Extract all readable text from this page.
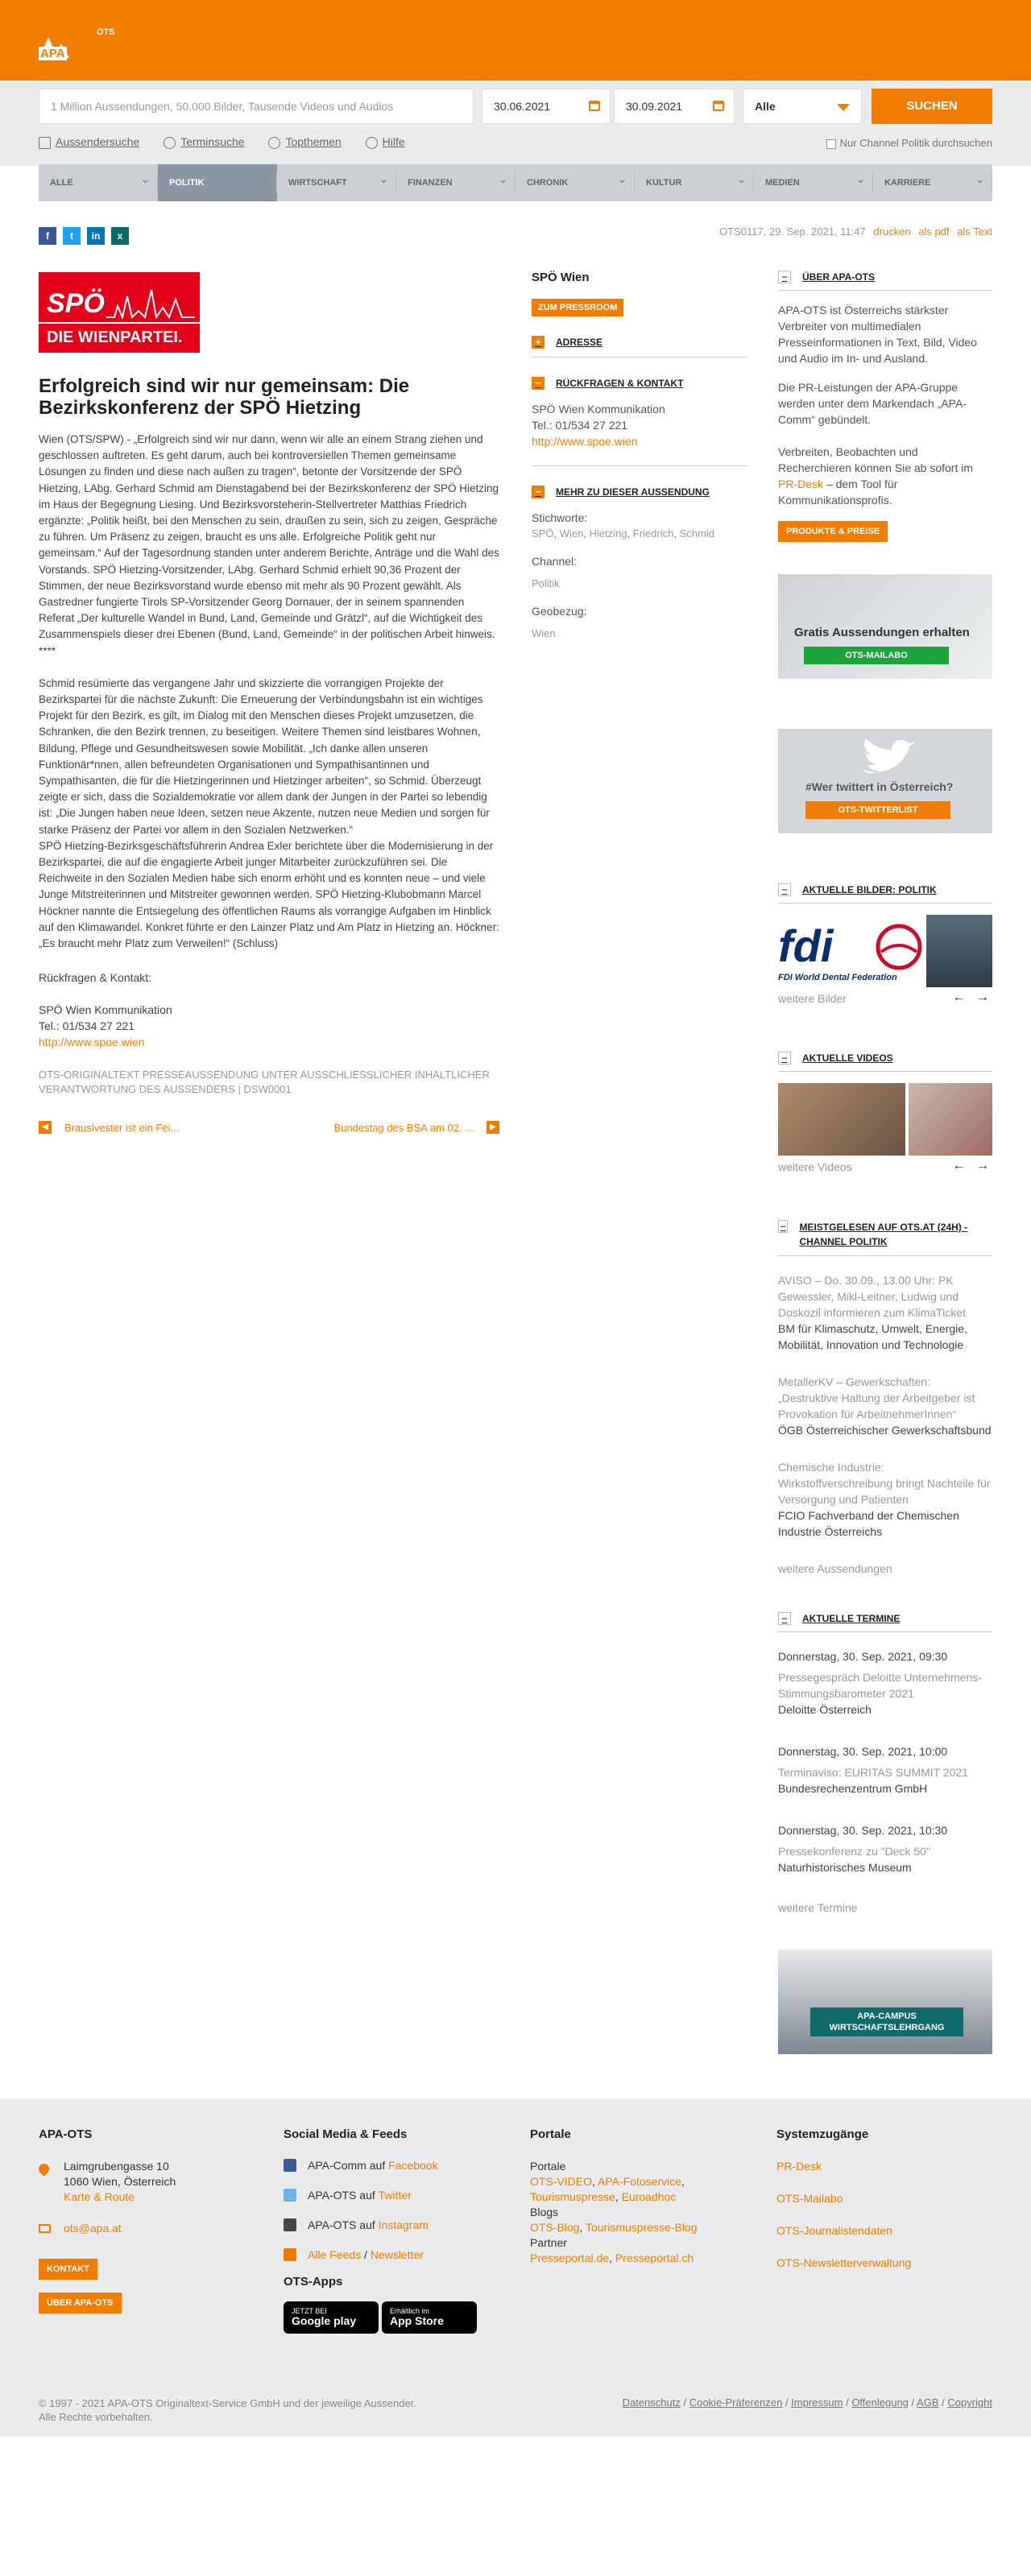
APA
OTS
1 Million Aussendungen, 50.000 Bilder, Tausende Videos und Audios	30.06.2021	30.09.2021	Alle	SUCHEN
Aussendersuche	Terminsuche	Topthemen	Hilfe	Nur Channel Politik durchsuchen
ALLE ⌄	POLITIK ⌄	WIRTSCHAFT ⌄	FINANZEN ⌄	CHRONIK ⌄	KULTUR ⌄	MEDIEN ⌄	KARRIERE ⌄
f	t	in	x	OTS0117, 29. Sep. 2021, 11:47 drucken als pdf als Text
SPÖ
DIE WIENPARTEI.
Erfolgreich sind wir nur gemeinsam: Die Bezirkskonferenz der SPÖ Hietzing

Wien (OTS/SPW) - „Erfolgreich sind wir nur dann, wenn wir alle an einem Strang ziehen und geschlossen auftreten. Es geht darum, auch bei kontroversiellen Themen gemeinsame Lösungen zu finden und diese nach außen zu tragen“, betonte der Vorsitzende der SPÖ Hietzing, LAbg. Gerhard Schmid am Dienstagabend bei der Bezirkskonferenz der SPÖ Hietzing im Haus der Begegnung Liesing. Und Bezirksvorsteherin-Stellvertreter Matthias Friedrich ergänzte: „Politik heißt, bei den Menschen zu sein, draußen zu sein, sich zu zeigen, Gespräche zu führen. Um Präsenz zu zeigen, braucht es uns alle. Erfolgreiche Politik geht nur gemeinsam.“ Auf der Tagesordnung standen unter anderem Berichte, Anträge und die Wahl des Vorstands. SPÖ Hietzing-Vorsitzender, LAbg. Gerhard Schmid erhielt 90,36 Prozent der Stimmen, der neue Bezirksvorstand wurde ebenso mit mehr als 90 Prozent gewählt. Als Gastredner fungierte Tirols SP-Vorsitzender Georg Dornauer, der in seinem spannenden Referat „Der kulturelle Wandel in Bund, Land, Gemeinde und Grätzl“, auf die Wichtigkeit des Zusammenspiels dieser drei Ebenen (Bund, Land, Gemeinde“ in der politischen Arbeit hinweis. ****

Schmid resümierte das vergangene Jahr und skizzierte die vorrangigen Projekte der Bezirkspartei für die nächste Zukunft: Die Erneuerung der Verbindungsbahn ist ein wichtiges Projekt für den Bezirk, es gilt, im Dialog mit den Menschen dieses Projekt umzusetzen, die Schranken, die den Bezirk trennen, zu beseitigen. Weitere Themen sind leistbares Wohnen, Bildung, Pflege und Gesundheitswesen sowie Mobilität. „Ich danke allen unseren Funktionär*nnen, allen befreundeten Organisationen und Sympathisantinnen und Sympathisanten, die für die Hietzingerinnen und Hietzinger arbeiten“, so Schmid. Überzeugt zeigte er sich, dass die Sozialdemokratie vor allem dank der Jungen in der Partei so lebendig ist: „Die Jungen haben neue Ideen, setzen neue Akzente, nutzen neue Medien und sorgen für starke Präsenz der Partei vor allem in den Sozialen Netzwerken.“

SPÖ Hietzing-Bezirksgeschäftsführerin Andrea Exler berichtete über die Modernisierung in der Bezirkspartei, die auf die engagierte Arbeit junger Mitarbeiter zurückzuführen sei. Die Reichweite in den Sozialen Medien habe sich enorm erhöht und es konnten neue – und viele Junge Mitstreiterinnen und Mitstreiter gewonnen werden. SPÖ Hietzing-Klubobmann Marcel Höckner nannte die Entsiegelung des öffentlichen Raums als vorrangige Aufgaben im Hinblick auf den Klimawandel. Konkret führte er den Lainzer Platz und Am Platz in Hietzing an. Höckner: „Es braucht mehr Platz zum Verweilen!“ (Schluss)

Rückfragen & Kontakt:
SPÖ Wien Kommunikation
Tel.: 01/534 27 221
http://www.spoe.wien
OTS-ORIGINALTEXT PRESSEAUSSENDUNG UNTER AUSSCHLIESSLICHER INHALTLICHER VERANTWORTUNG DES AUSSENDERS | DSW0001
◀	Brauslvester ist ein Fei...	Bundestag des BSA am 02. ...	▶
SPÖ Wien
ZUM PRESSROOM
+	ADRESSE
−	RÜCKFRAGEN & KONTAKT
SPÖ Wien Kommunikation
Tel.: 01/534 27 221
http://www.spoe.wien
−	MEHR ZU DIESER AUSSENDUNG
Stichworte:
SPÖ, Wien, Hietzing, Friedrich, Schmid
Channel:
Politik
Geobezug:
Wien
−	ÜBER APA-OTS

APA-OTS ist Österreichs stärkster Verbreiter von multimedialen Presseinformationen in Text, Bild, Video und Audio im In- und Ausland.

Die PR-Leistungen der APA-Gruppe werden unter dem Markendach „APA-Comm“ gebündelt.

Verbreiten, Beobachten und Recherchieren können Sie ab sofort im PR-Desk – dem Tool für Kommunikationsprofis.

PRODUKTE & PREISE
Gratis Aussendungen erhalten
OTS-MAILABO
#Wer twittert in Österreich?
OTS-TWITTERLIST
−	AKTUELLE BILDER: POLITIK
fdi
FDI World Dental Federation
weitere Bilder	← →
−	AKTUELLE VIDEOS
weitere Videos	← →
− MEISTGELESEN AUF OTS.AT (24H) - CHANNEL POLITIK
AVISO – Do. 30.09., 13.00 Uhr: PK Gewessler, Mikl-Leitner, Ludwig und Doskozil informieren zum KlimaTicket
BM für Klimaschutz, Umwelt, Energie, Mobilität, Innovation und Technologie
MetallerKV – Gewerkschaften: „Destruktive Haltung der Arbeitgeber ist Provokation für ArbeitnehmerInnen“
ÖGB Österreichischer Gewerkschaftsbund
Chemische Industrie: Wirkstoffverschreibung bringt Nachteile für Versorgung und Patienten
FCIO Fachverband der Chemischen Industrie Österreichs
weitere Aussendungen
−	AKTUELLE TERMINE
Donnerstag, 30. Sep. 2021, 09:30
Pressegespräch Deloitte Unternehmens-Stimmungsbarometer 2021
Deloitte Österreich
Donnerstag, 30. Sep. 2021, 10:00
Terminaviso: EURITAS SUMMIT 2021
Bundesrechenzentrum GmbH
Donnerstag, 30. Sep. 2021, 10:30
Pressekonferenz zu "Deck 50"
Naturhistorisches Museum
weitere Termine
APA-CAMPUS
WIRTSCHAFTSLEHRGANG
APA-OTS
Laimgrubengasse 10
1060 Wien, Österreich
Karte & Route
ots@apa.at
KONTAKT
ÜBER APA-OTS
Social Media & Feeds
APA-Comm auf
Facebook
APA-OTS auf
Twitter
APA-OTS auf
Instagram
Alle Feeds / Newsletter
OTS-Apps
JETZT BEI
Google play
Erhältlich im
App Store
Portale
Portale
OTS-VIDEO, APA-Fotoservice,
Tourismuspresse, Euroadhoc
Blogs
OTS-Blog, Tourismuspresse-Blog
Partner
Presseportal.de, Presseportal.ch
Systemzugänge
PR-Desk
OTS-Mailabo
OTS-Journalistendaten
OTS-Newsletterverwaltung
© 1997 - 2021 APA-OTS Originaltext-Service GmbH und der jeweilige Aussender.
Alle Rechte vorbehalten.
Datenschutz / Cookie-Präferenzen / Impressum / Offenlegung / AGB / Copyright
